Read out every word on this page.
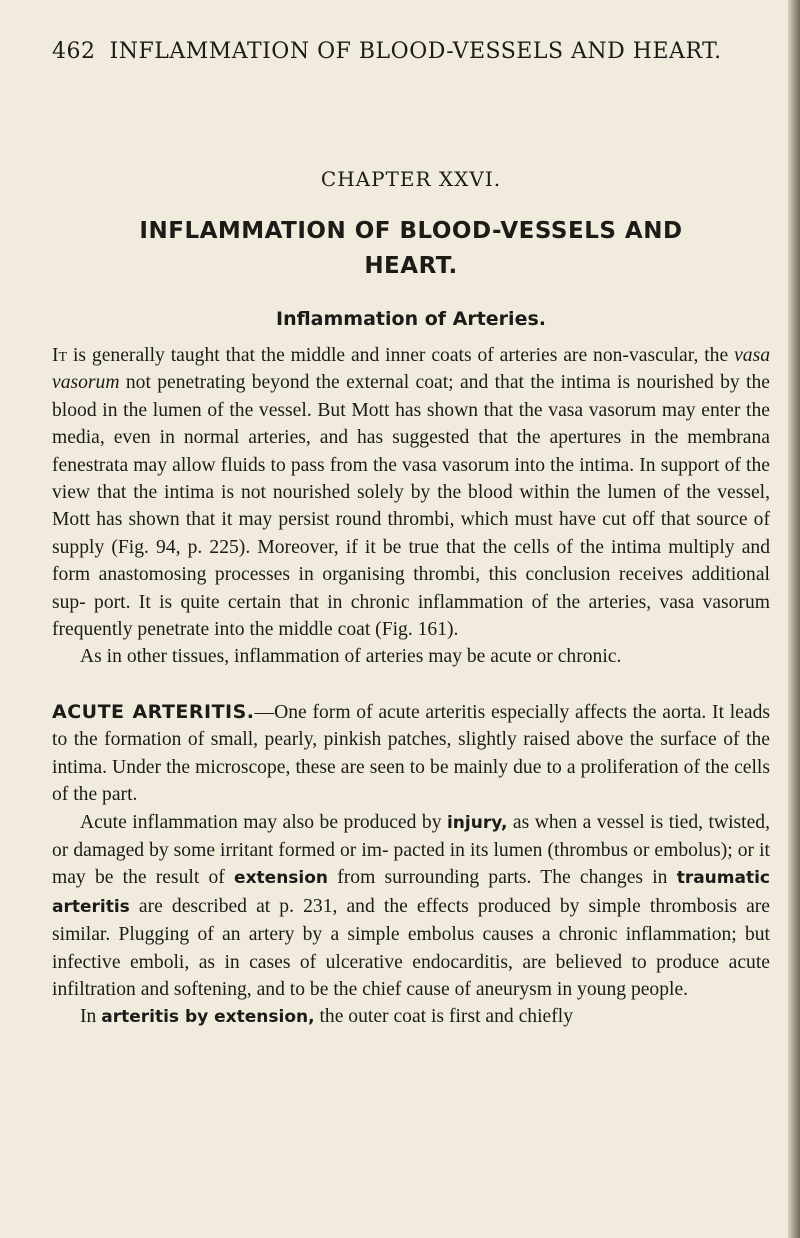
462 INFLAMMATION OF BLOOD-VESSELS AND HEART.
CHAPTER XXVI.
INFLAMMATION OF BLOOD-VESSELS AND
HEART.
Inflammation of Arteries.

It is generally taught that the middle and inner coats of arteries are non-vascular, the vasa vasorum not penetrating beyond the external coat; and that the intima is nourished by the blood in the lumen of the vessel. But Mott has shown that the vasa vasorum may enter the media, even in normal arteries, and has suggested that the apertures in the membrana fenestrata may allow fluids to pass from the vasa vasorum into the intima. In support of the view that the intima is not nourished solely by the blood within the lumen of the vessel, Mott has shown that it may persist round thrombi, which must have cut off that source of supply (Fig. 94, p. 225). Moreover, if it be true that the cells of the intima multiply and form anastomosing processes in organising thrombi, this conclusion receives additional sup- port. It is quite certain that in chronic inflammation of the arteries, vasa vasorum frequently penetrate into the middle coat (Fig. 161).

As in other tissues, inflammation of arteries may be acute or chronic.

ACUTE ARTERITIS.—One form of acute arteritis especially affects the aorta. It leads to the formation of small, pearly, pinkish patches, slightly raised above the surface of the intima. Under the microscope, these are seen to be mainly due to a proliferation of the cells of the part.

Acute inflammation may also be produced by injury, as when a vessel is tied, twisted, or damaged by some irritant formed or im- pacted in its lumen (thrombus or embolus); or it may be the result of extension from surrounding parts. The changes in traumatic arteritis are described at p. 231, and the effects produced by simple thrombosis are similar. Plugging of an artery by a simple embolus causes a chronic inflammation; but infective emboli, as in cases of ulcerative endocarditis, are believed to produce acute infiltration and softening, and to be the chief cause of aneurysm in young people.

In arteritis by extension, the outer coat is first and chiefly
